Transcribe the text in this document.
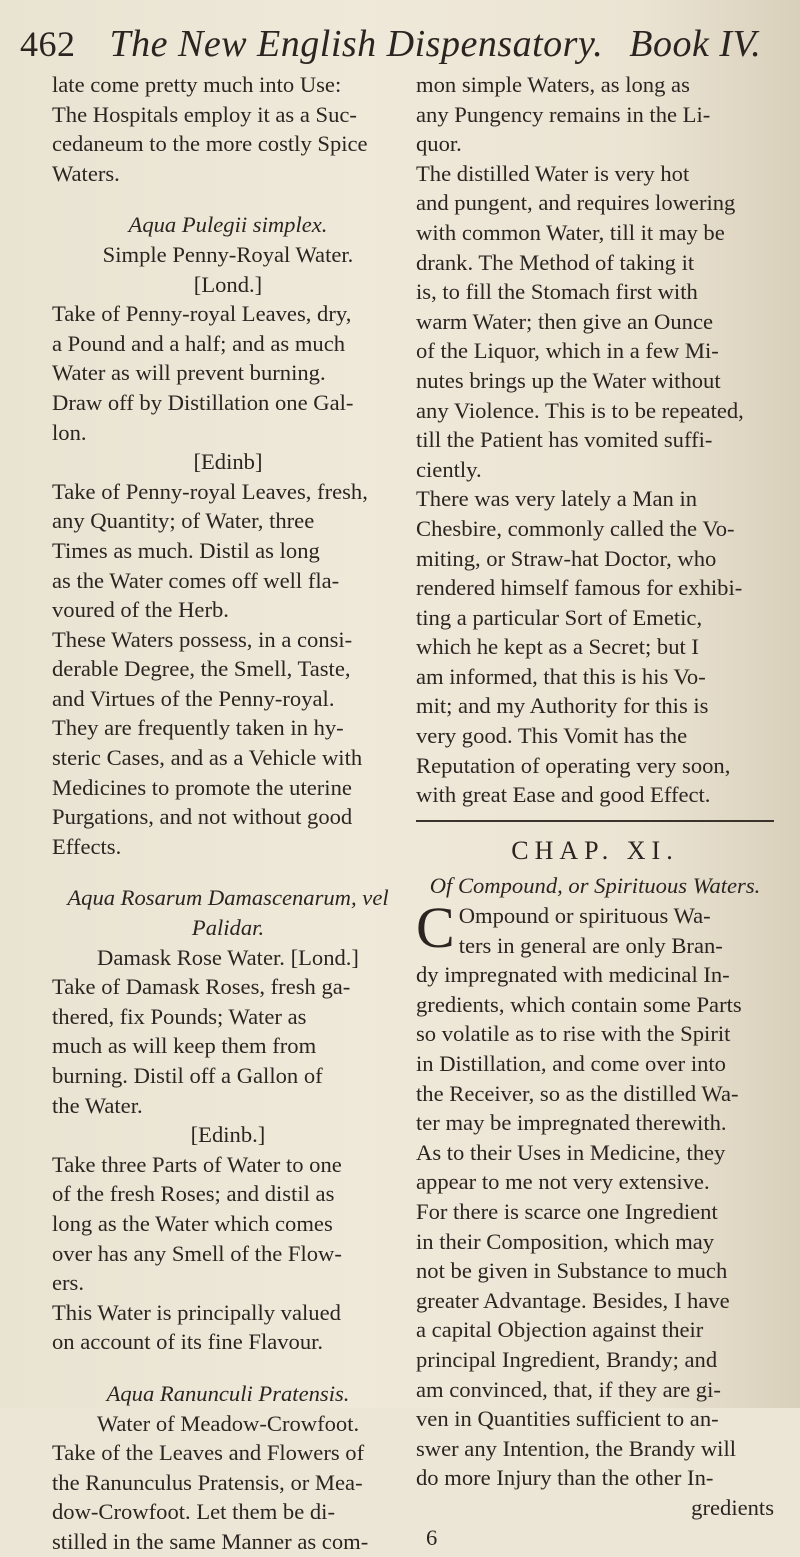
462 The New English Dispensatory. Book IV.
late come pretty much into Use:
The Hospitals employ it as a Suc-
cedaneum to the more costly Spice
Waters.
Aqua Pulegii simplex.
Simple Penny-Royal Water.
[Lond.]
Take of Penny-royal Leaves, dry,
a Pound and a half; and as much
Water as will prevent burning.
Draw off by Distillation one Gal-
lon.
[Edinb]
Take of Penny-royal Leaves, fresh,
any Quantity; of Water, three
Times as much. Distil as long
as the Water comes off well fla-
voured of the Herb.
These Waters possess, in a consi-
derable Degree, the Smell, Taste,
and Virtues of the Penny-royal.
They are frequently taken in hy-
steric Cases, and as a Vehicle with
Medicines to promote the uterine
Purgations, and not without good
Effects.
Aqua Rosarum Damascenarum, vel
Palidar.
Damask Rose Water. [Lond.]
Take of Damask Roses, fresh ga-
thered, fix Pounds; Water as
much as will keep them from
burning. Distil off a Gallon of
the Water.
[Edinb.]
Take three Parts of Water to one
of the fresh Roses; and distil as
long as the Water which comes
over has any Smell of the Flow-
ers.
This Water is principally valued
on account of its fine Flavour.
Aqua Ranunculi Pratensis.
Water of Meadow-Crowfoot.
Take of the Leaves and Flowers of
the Ranunculus Pratensis, or Mea-
dow-Crowfoot. Let them be di-
stilled in the same Manner as com-
mon simple Waters, as long as
any Pungency remains in the Li-
quor.
The distilled Water is very hot
and pungent, and requires lowering
with common Water, till it may be
drank. The Method of taking it
is, to fill the Stomach first with
warm Water; then give an Ounce
of the Liquor, which in a few Mi-
nutes brings up the Water without
any Violence. This is to be repeated,
till the Patient has vomited suffi-
ciently.
There was very lately a Man in
Chesbire, commonly called the Vo-
miting, or Straw-hat Doctor, who
rendered himself famous for exhibi-
ting a particular Sort of Emetic,
which he kept as a Secret; but I
am informed, that this is his Vo-
mit; and my Authority for this is
very good. This Vomit has the
Reputation of operating very soon,
with great Ease and good Effect.
CHAP. XI.
Of Compound, or Spirituous Waters.
C Ompound or spirituous Wa-
ters in general are only Bran-
dy impregnated with medicinal In-
gredients, which contain some Parts
so volatile as to rise with the Spirit
in Distillation, and come over into
the Receiver, so as the distilled Wa-
ter may be impregnated therewith.
As to their Uses in Medicine, they
appear to me not very extensive.
For there is scarce one Ingredient
in their Composition, which may
not be given in Substance to much
greater Advantage. Besides, I have
a capital Objection against their
principal Ingredient, Brandy; and
am convinced, that, if they are gi-
ven in Quantities sufficient to an-
swer any Intention, the Brandy will
do more Injury than the other In-
gredients
6
